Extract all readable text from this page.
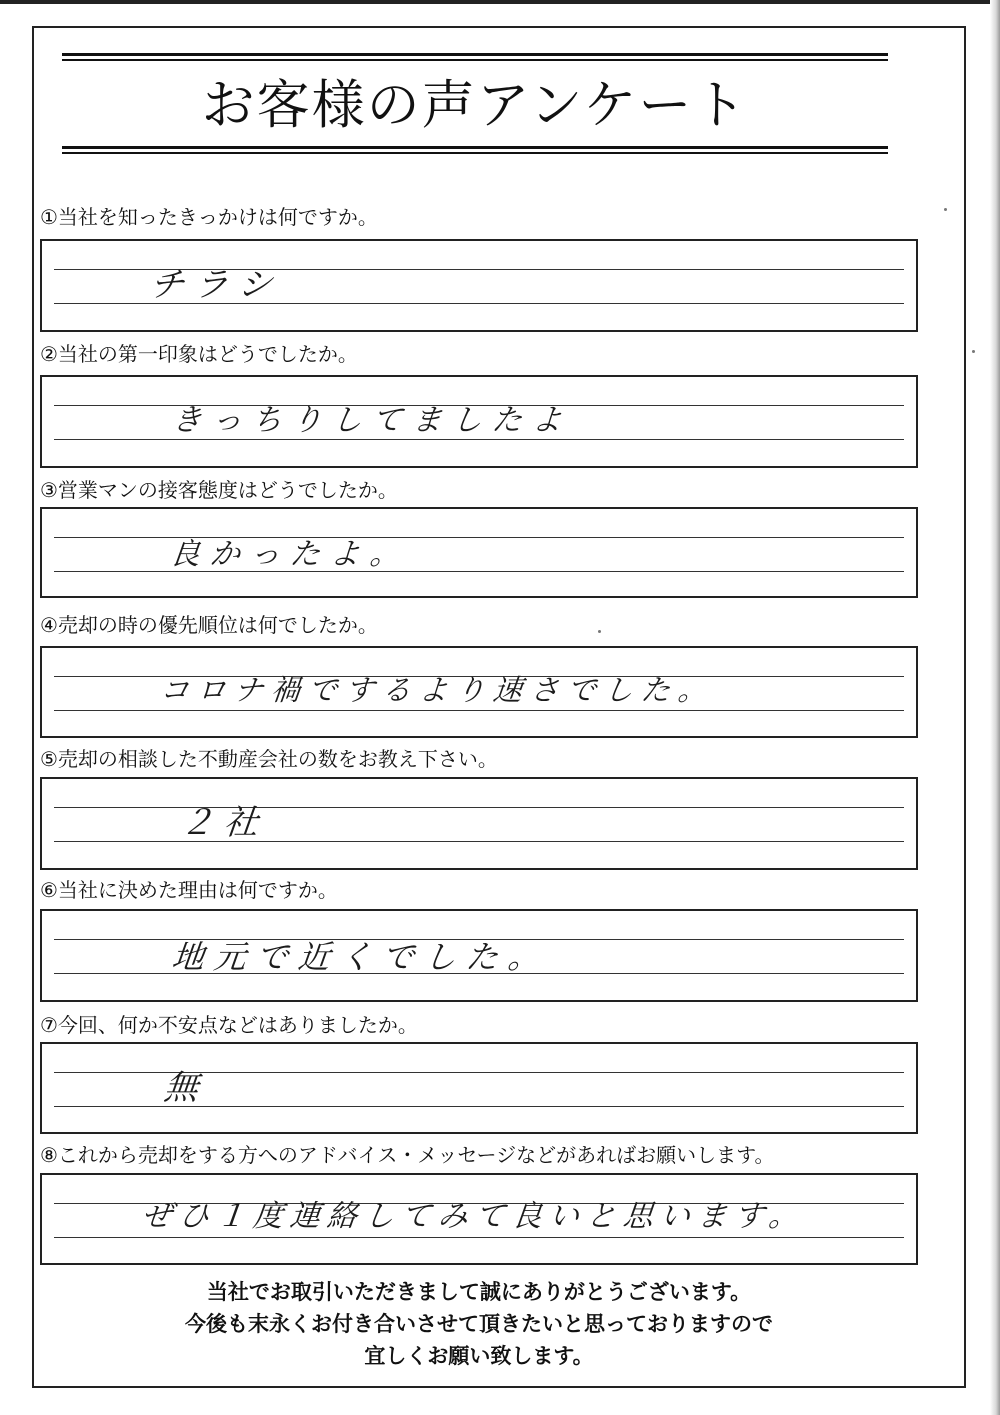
お客様の声アンケート
①当社を知ったきっかけは何ですか。
チラシ
②当社の第一印象はどうでしたか。
きっちりしてましたよ
③営業マンの接客態度はどうでしたか。
良かったよ。
④売却の時の優先順位は何でしたか。
コロナ禍でするより速さでした。
⑤売却の相談した不動産会社の数をお教え下さい。
２社
⑥当社に決めた理由は何ですか。
地元で近くでした。
⑦今回、何か不安点などはありましたか。
無
⑧これから売却をする方へのアドバイス・メッセージなどがあればお願いします。
ぜひ１度連絡してみて良いと思います。
当社でお取引いただきまして誠にありがとうございます。
今後も末永くお付き合いさせて頂きたいと思っておりますので
宜しくお願い致します。
